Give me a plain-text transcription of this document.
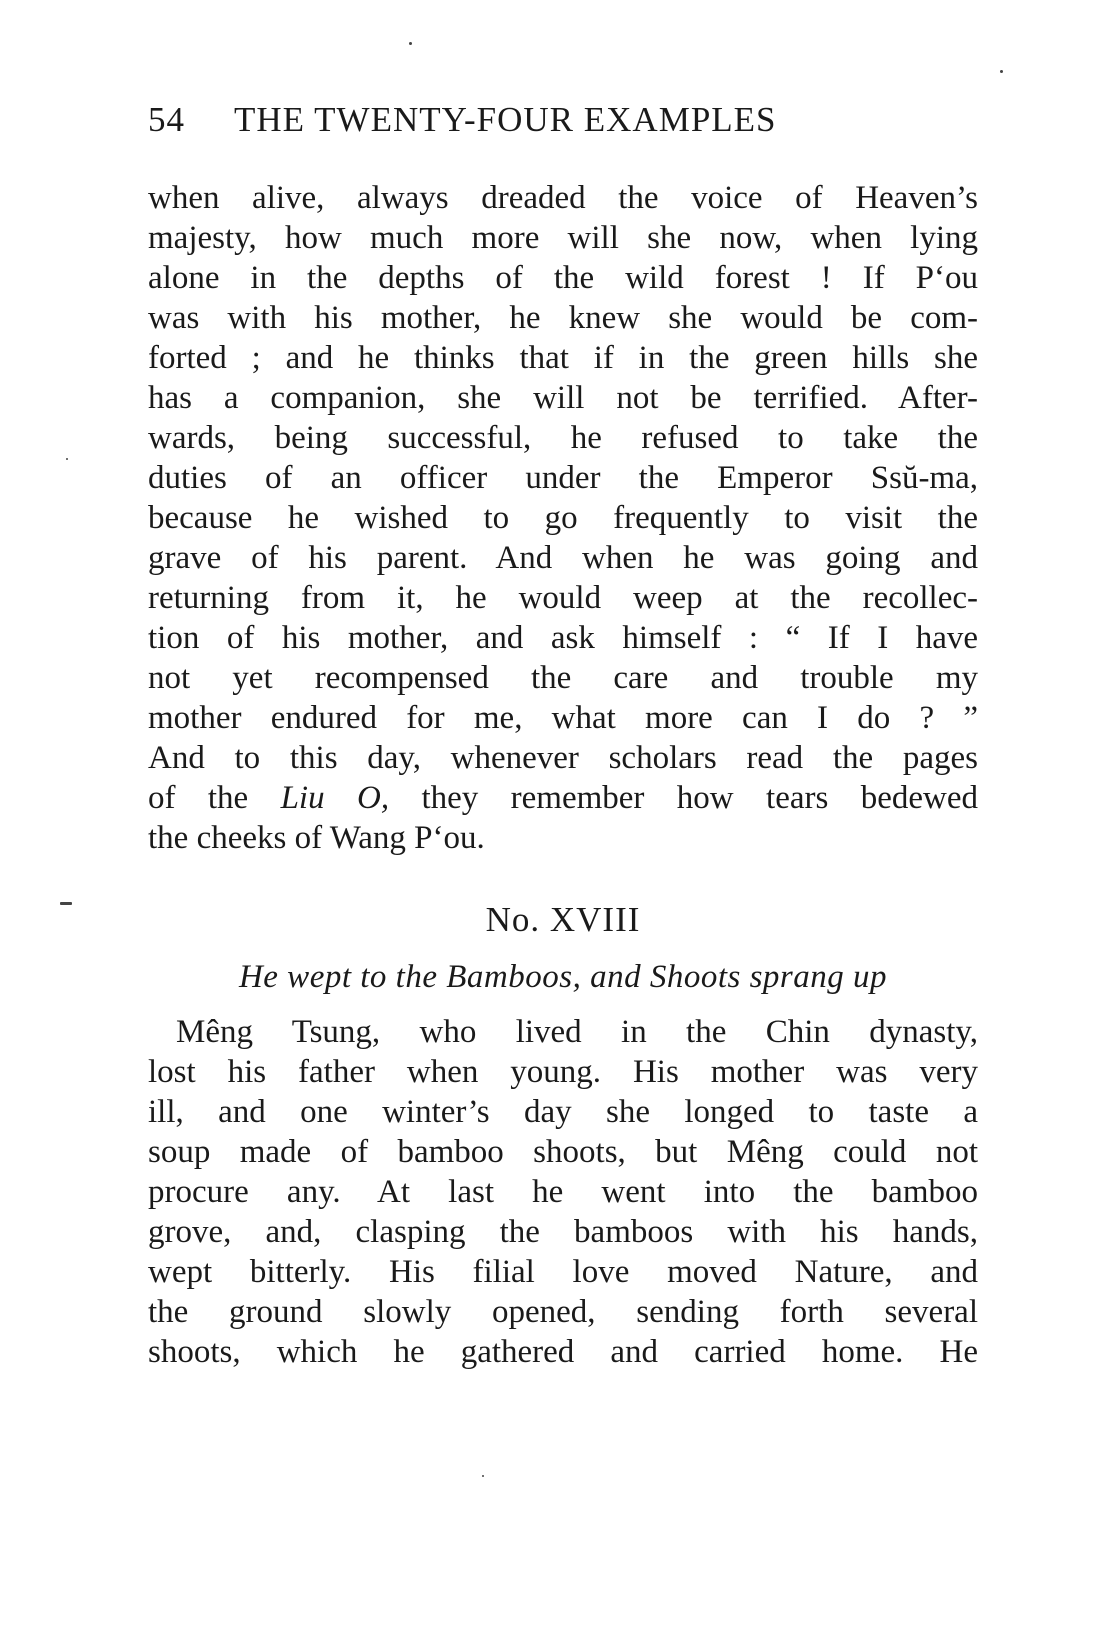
54 THE TWENTY-FOUR EXAMPLES
when alive, always dreaded the voice of Heaven’s
majesty, how much more will she now, when lying
alone in the depths of the wild forest ! If P‘ou
was with his mother, he knew she would be com-
forted ; and he thinks that if in the green hills she
has a companion, she will not be terrified. After-
wards, being successful, he refused to take the
duties of an officer under the Emperor Ssŭ-ma,
because he wished to go frequently to visit the
grave of his parent. And when he was going and
returning from it, he would weep at the recollec-
tion of his mother, and ask himself : “ If I have
not yet recompensed the care and trouble my
mother endured for me, what more can I do ? ”
And to this day, whenever scholars read the pages
of the Liu O, they remember how tears bedewed
the cheeks of Wang P‘ou.
No. XVIII
He wept to the Bamboos, and Shoots sprang up
Mêng Tsung, who lived in the Chin dynasty,
lost his father when young. His mother was very
ill, and one winter’s day she longed to taste a
soup made of bamboo shoots, but Mêng could not
procure any. At last he went into the bamboo
grove, and, clasping the bamboos with his hands,
wept bitterly. His filial love moved Nature, and
the ground slowly opened, sending forth several
shoots, which he gathered and carried home. He
